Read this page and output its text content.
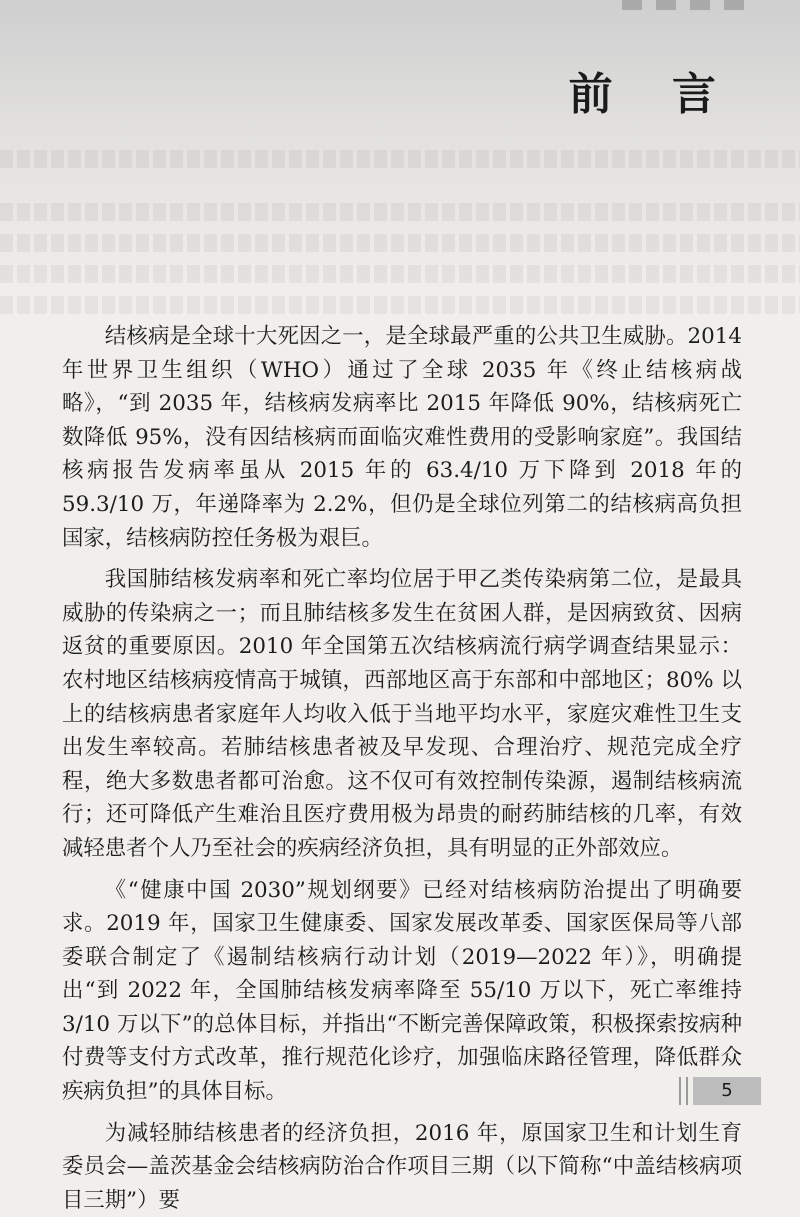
前 言

结核病是全球十大死因之一，是全球最严重的公共卫生威胁。2014 年世界卫生组织（WHO）通过了全球 2035 年《终止结核病战略》，“到 2035 年，结核病发病率比 2015 年降低 90%，结核病死亡数降低 95%，没有因结核病而面临灾难性费用的受影响家庭”。我国结核病报告发病率虽从 2015 年的 63.4/10 万下降到 2018 年的 59.3/10 万，年递降率为 2.2%，但仍是全球位列第二的结核病高负担国家，结核病防控任务极为艰巨。

我国肺结核发病率和死亡率均位居于甲乙类传染病第二位，是最具威胁的传染病之一；而且肺结核多发生在贫困人群，是因病致贫、因病返贫的重要原因。2010 年全国第五次结核病流行病学调查结果显示：农村地区结核病疫情高于城镇，西部地区高于东部和中部地区；80% 以上的结核病患者家庭年人均收入低于当地平均水平，家庭灾难性卫生支出发生率较高。若肺结核患者被及早发现、合理治疗、规范完成全疗程，绝大多数患者都可治愈。这不仅可有效控制传染源，遏制结核病流行；还可降低产生难治且医疗费用极为昂贵的耐药肺结核的几率，有效减轻患者个人乃至社会的疾病经济负担，具有明显的正外部效应。

《“健康中国 2030”规划纲要》已经对结核病防治提出了明确要求。2019 年，国家卫生健康委、国家发展改革委、国家医保局等八部委联合制定了《遏制结核病行动计划（2019—2022 年）》，明确提出“到 2022 年，全国肺结核发病率降至 55/10 万以下，死亡率维持 3/10 万以下”的总体目标，并指出“不断完善保障政策，积极探索按病种付费等支付方式改革，推行规范化诊疗，加强临床路径管理，降低群众疾病负担”的具体目标。

为减轻肺结核患者的经济负担，2016 年，原国家卫生和计划生育委员会—盖茨基金会结核病防治合作项目三期（以下简称“中盖结核病项目三期”）要

5
